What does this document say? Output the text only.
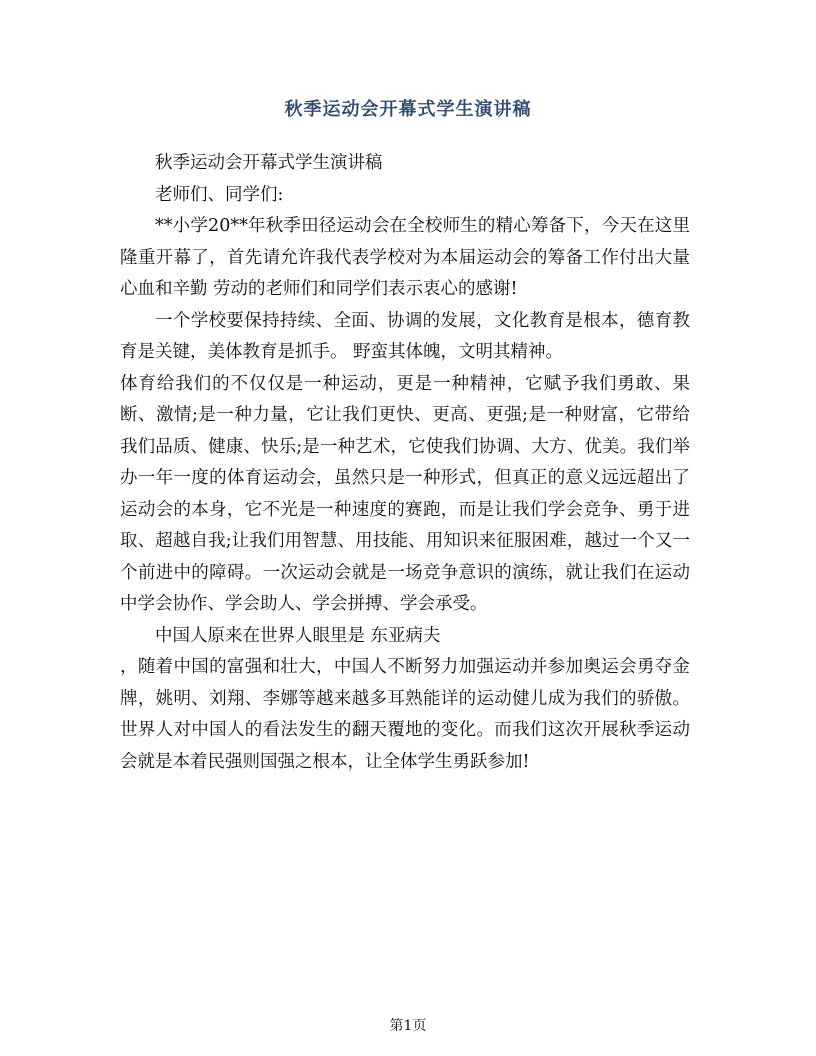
秋季运动会开幕式学生演讲稿

秋季运动会开幕式学生演讲稿

老师们、同学们:

**小学20**年秋季田径运动会在全校师生的精心筹备下，今天在这里隆重开幕了，首先请允许我代表学校对为本届运动会的筹备工作付出大量心血和辛勤 劳动的老师们和同学们表示衷心的感谢!

一个学校要保持持续、全面、协调的发展，文化教育是根本，德育教育是关键，美体教育是抓手。 野蛮其体魄，文明其精神。

体育给我们的不仅仅是一种运动，更是一种精神，它赋予我们勇敢、果断、激情;是一种力量，它让我们更快、更高、更强;是一种财富，它带给我们品质、健康、快乐;是一种艺术，它使我们协调、大方、优美。我们举办一年一度的体育运动会，虽然只是一种形式，但真正的意义远远超出了运动会的本身，它不光是一种速度的赛跑，而是让我们学会竞争、勇于进取、超越自我;让我们用智慧、用技能、用知识来征服困难，越过一个又一个前进中的障碍。一次运动会就是一场竞争意识的演练，就让我们在运动中学会协作、学会助人、学会拼搏、学会承受。

中国人原来在世界人眼里是 东亚病夫

，随着中国的富强和壮大，中国人不断努力加强运动并参加奥运会勇夺金牌，姚明、刘翔、李娜等越来越多耳熟能详的运动健儿成为我们的骄傲。世界人对中国人的看法发生的翻天覆地的变化。而我们这次开展秋季运动会就是本着民强则国强之根本，让全体学生勇跃参加!

第1页
